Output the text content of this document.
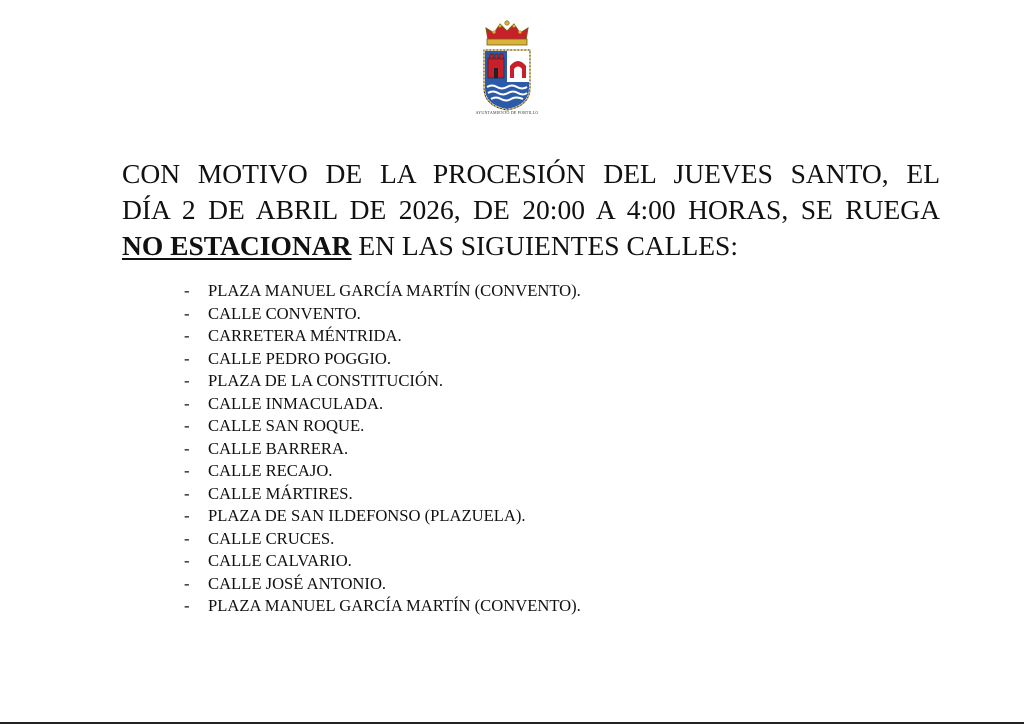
AYUNTAMIENTO DE PORTILLO

CON MOTIVO DE LA PROCESIÓN DEL JUEVES SANTO, EL
DÍA 2 DE ABRIL DE 2026, DE 20:00 A 4:00 HORAS, SE RUEGA
NO ESTACIONAR EN LAS SIGUIENTES CALLES:

-	PLAZA MANUEL GARCÍA MARTÍN (CONVENTO).
-	CALLE CONVENTO.
-	CARRETERA MÉNTRIDA.
-	CALLE PEDRO POGGIO.
-	PLAZA DE LA CONSTITUCIÓN.
-	CALLE INMACULADA.
-	CALLE SAN ROQUE.
-	CALLE BARRERA.
-	CALLE RECAJO.
-	CALLE MÁRTIRES.
-	PLAZA DE SAN ILDEFONSO (PLAZUELA).
-	CALLE CRUCES.
-	CALLE CALVARIO.
-	CALLE JOSÉ ANTONIO.
-	PLAZA MANUEL GARCÍA MARTÍN (CONVENTO).
